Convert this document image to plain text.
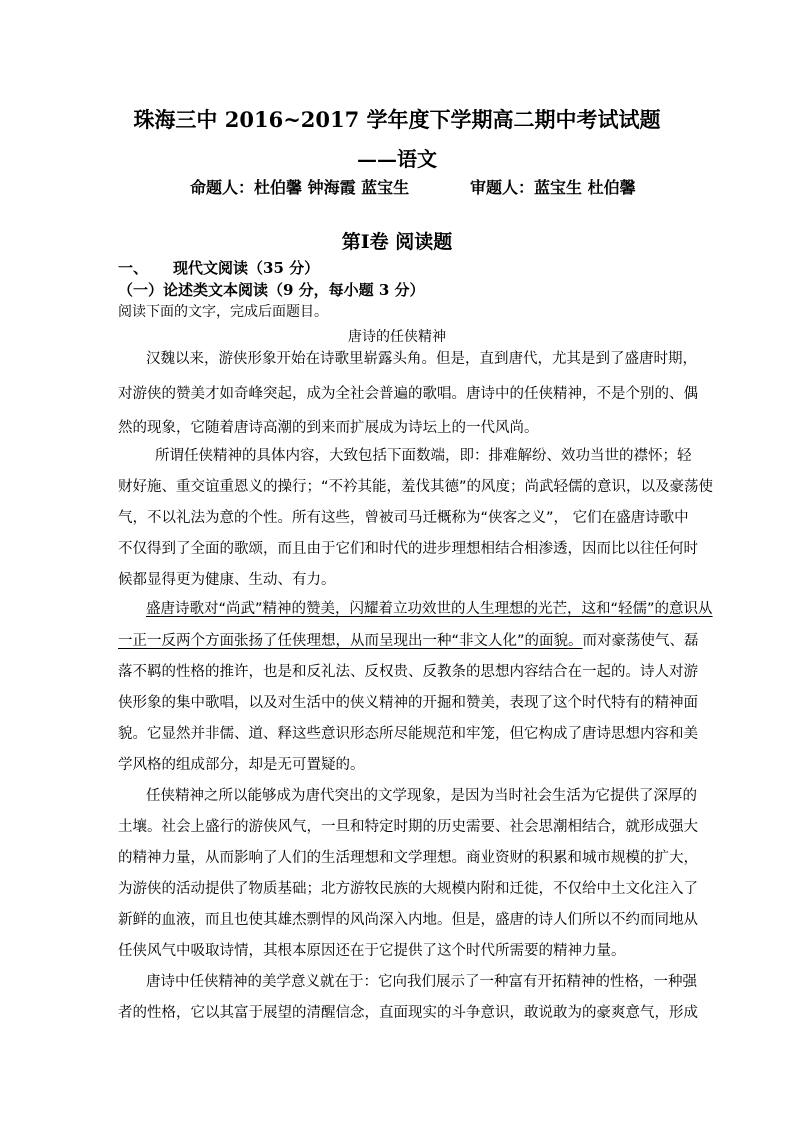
珠海三中 2016~2017 学年度下学期高二期中考试试题
——语文
命题人：杜伯馨 钟海霞 蓝宝生	审题人：蓝宝生 杜伯馨
第Ⅰ卷 阅读题
一、 现代文阅读（35 分）
（一）论述类文本阅读（9 分，每小题 3 分）
阅读下面的文字，完成后面题目。
唐诗的任侠精神
汉魏以来，游侠形象开始在诗歌里崭露头角。但是，直到唐代，尤其是到了盛唐时期，
对游侠的赞美才如奇峰突起，成为全社会普遍的歌唱。唐诗中的任侠精神，不是个别的、偶
然的现象，它随着唐诗高潮的到来而扩展成为诗坛上的一代风尚。
所谓任侠精神的具体内容，大致包括下面数端，即：排难解纷、效功当世的襟怀；轻
财好施、重交谊重恩义的操行；“不衿其能，羞伐其德”的风度；尚武轻儒的意识，以及豪荡使
气，不以礼法为意的个性。所有这些，曾被司马迁概称为“侠客之义”， 它们在盛唐诗歌中
不仅得到了全面的歌颂，而且由于它们和时代的进步理想相结合相渗透，因而比以往任何时
候都显得更为健康、生动、有力。
盛唐诗歌对“尚武”精神的赞美，闪耀着立功效世的人生理想的光芒，这和“轻儒”的意识从
一正一反两个方面张扬了任侠理想，从而呈现出一种“非文人化”的面貌。而对豪荡使气、磊
落不羁的性格的推许，也是和反礼法、反权贵、反教条的思想内容结合在一起的。诗人对游
侠形象的集中歌唱，以及对生活中的侠义精神的开掘和赞美，表现了这个时代特有的精神面
貌。它显然并非儒、道、释这些意识形态所尽能规范和牢笼，但它构成了唐诗思想内容和美
学风格的组成部分，却是无可置疑的。
任侠精神之所以能够成为唐代突出的文学现象，是因为当时社会生活为它提供了深厚的
土壤。社会上盛行的游侠风气，一旦和特定时期的历史需要、社会思潮相结合，就形成强大
的精神力量，从而影响了人们的生活理想和文学理想。商业资财的积累和城市规模的扩大，
为游侠的活动提供了物质基础；北方游牧民族的大规模内附和迁徙，不仅给中土文化注入了
新鲜的血液，而且也使其雄杰剽悍的风尚深入内地。但是，盛唐的诗人们所以不约而同地从
任侠风气中吸取诗情，其根本原因还在于它提供了这个时代所需要的精神力量。
唐诗中任侠精神的美学意义就在于：它向我们展示了一种富有开拓精神的性格，一种强
者的性格，它以其富于展望的清醒信念，直面现实的斗争意识，敢说敢为的豪爽意气，形成
